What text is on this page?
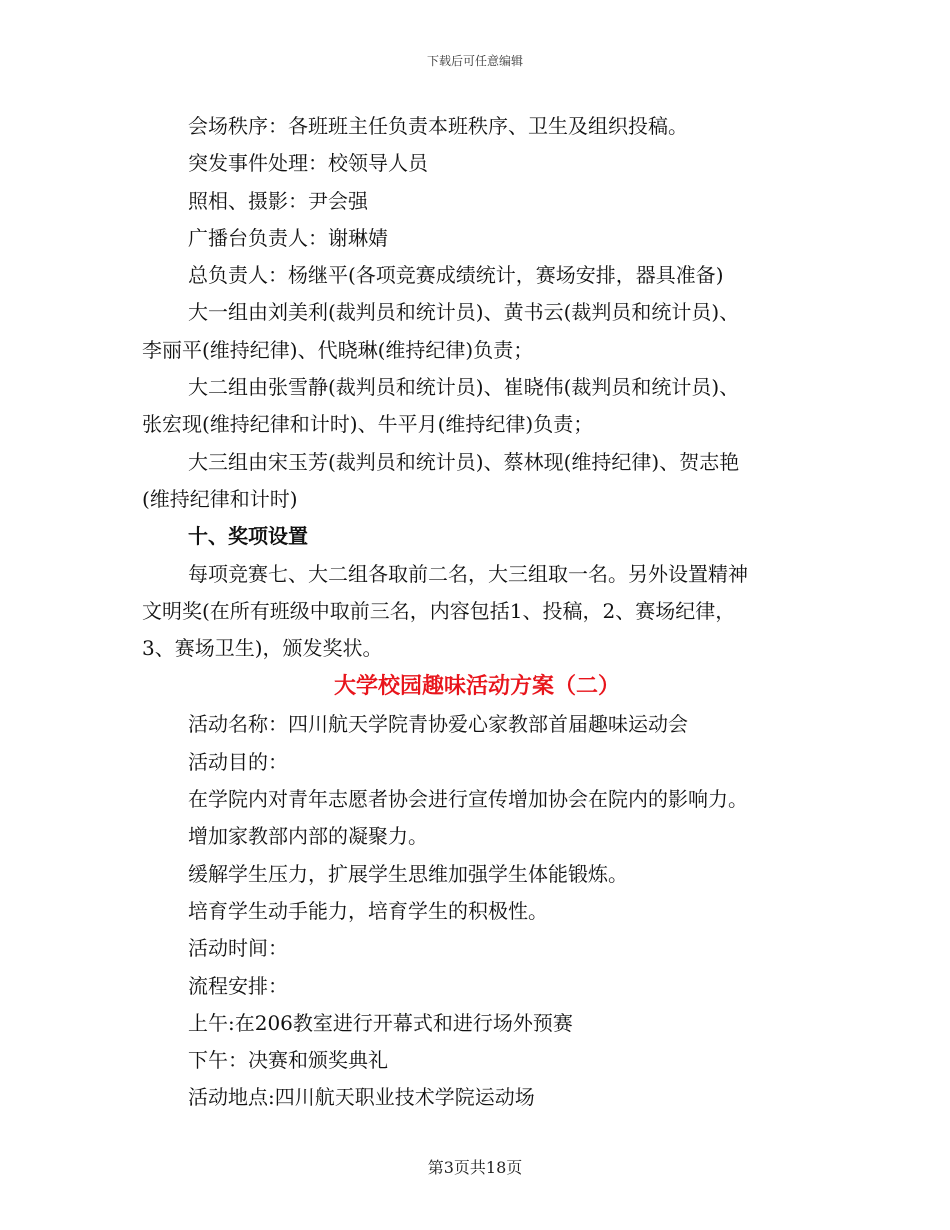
下载后可任意编辑
会场秩序：各班班主任负责本班秩序、卫生及组织投稿。
突发事件处理：校领导人员
照相、摄影：尹会强
广播台负责人：谢琳婧
总负责人：杨继平(各项竞赛成绩统计，赛场安排，器具准备)
大一组由刘美利(裁判员和统计员)、黄书云(裁判员和统计员)、
李丽平(维持纪律)、代晓琳(维持纪律)负责；
大二组由张雪静(裁判员和统计员)、崔晓伟(裁判员和统计员)、
张宏现(维持纪律和计时)、牛平月(维持纪律)负责；
大三组由宋玉芳(裁判员和统计员)、蔡林现(维持纪律)、贺志艳
(维持纪律和计时)
十、奖项设置
每项竞赛七、大二组各取前二名，大三组取一名。另外设置精神
文明奖(在所有班级中取前三名，内容包括1、投稿，2、赛场纪律，
3、赛场卫生)，颁发奖状。
大学校园趣味活动方案（二）
活动名称：四川航天学院青协爱心家教部首届趣味运动会
活动目的：
在学院内对青年志愿者协会进行宣传增加协会在院内的影响力。
增加家教部内部的凝聚力。
缓解学生压力，扩展学生思维加强学生体能锻炼。
培育学生动手能力，培育学生的积极性。
活动时间：
流程安排：
上午:在206教室进行开幕式和进行场外预赛
下午：决赛和颁奖典礼
活动地点:四川航天职业技术学院运动场
第3页共18页
